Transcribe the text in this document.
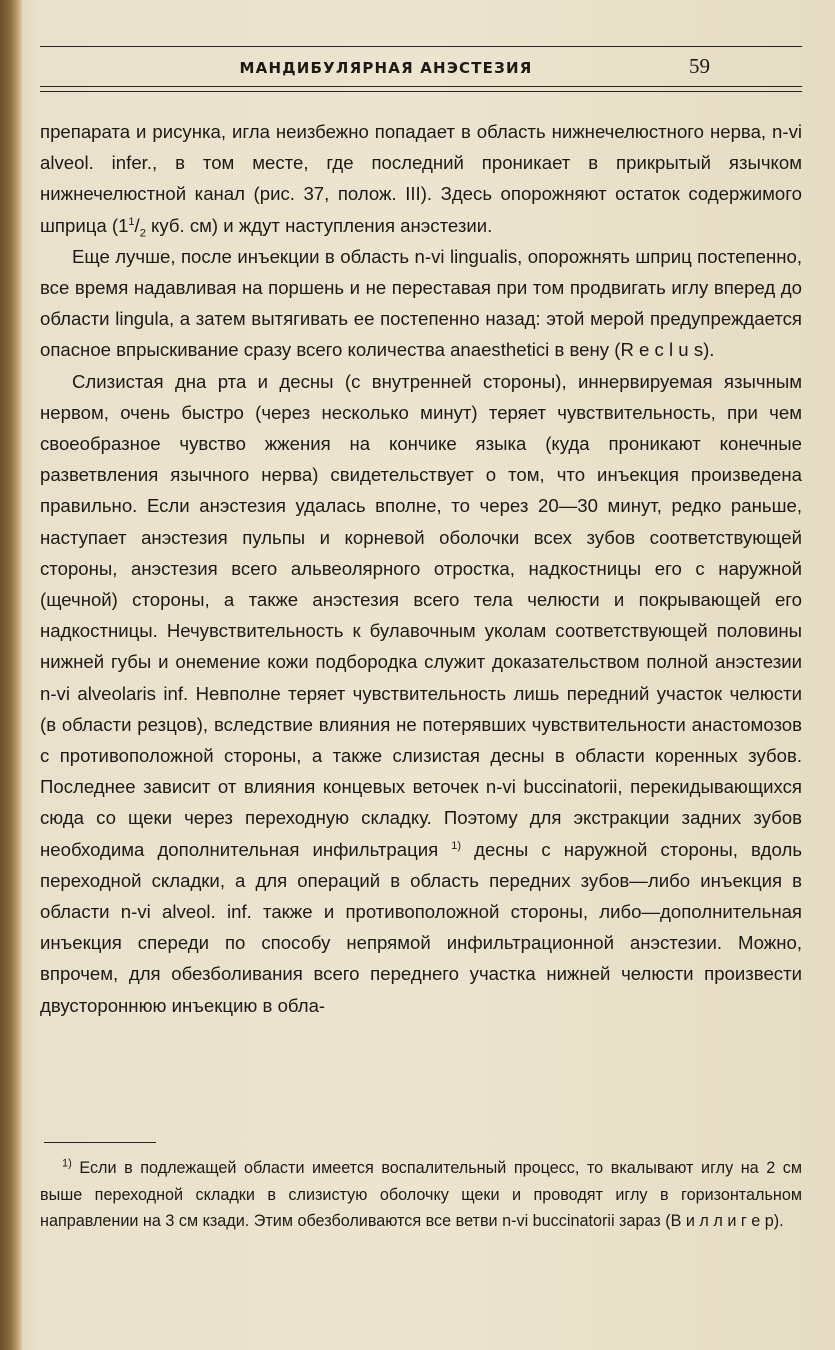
МАНДИБУЛЯРНАЯ АНЭСТЕЗИЯ	59

препарата и рисунка, игла неизбежно попадает в область нижнечелюстного нерва, n-vi alveol. infer., в том месте, где последний проникает в прикрытый язычком нижнечелюстной канал (рис. 37, полож. III). Здесь опорожняют остаток содержимого шприца ($1^1/_2$ куб. см) и ждут наступления анэстезии.

Еще лучше, после инъекции в область n-vi lingualis, опорожнять шприц постепенно, все время надавливая на поршень и не переставая при том продвигать иглу вперед до области lingula, а затем вытягивать ее постепенно назад: этой мерой предупреждается опасное впрыскивание сразу всего количества anaesthetici в вену (R e c l u s).

Слизистая дна рта и десны (с внутренней стороны), иннервируемая язычным нервом, очень быстро (через несколько минут) теряет чувствительность, при чем своеобразное чувство жжения на кончике языка (куда проникают конечные разветвления язычного нерва) свидетельствует о том, что инъекция произведена правильно. Если анэстезия удалась вполне, то через 20—30 минут, редко раньше, наступает анэстезия пульпы и корневой оболочки всех зубов соответствующей стороны, анэстезия всего альвеолярного отростка, надкостницы его с наружной (щечной) стороны, а также анэстезия всего тела челюсти и покрывающей его надкостницы. Нечувствительность к булавочным уколам соответствующей половины нижней губы и онемение кожи подбородка служит доказательством полной анэстезии n-vi alveolaris inf. Невполне теряет чувствительность лишь передний участок челюсти (в области резцов), вследствие влияния не потерявших чувствительности анастомозов с противоположной стороны, а также слизистая десны в области коренных зубов. Последнее зависит от влияния концевых веточек n-vi buccinatorii, перекидывающихся сюда со щеки через переходную складку. Поэтому для экстракции задних зубов необходима дополнительная инфильтрация $^{1)}$ десны с наружной стороны, вдоль переходной складки, а для операций в область передних зубов—либо инъекция в области n-vi alveol. inf. также и противоположной стороны, либо—дополнительная инъекция спереди по способу непрямой инфильтрационной анэстезии. Можно, впрочем, для обезболивания всего переднего участка нижней челюсти произвести двустороннюю инъекцию в обла-

$^{1)}$ Если в подлежащей области имеется воспалительный процесс, то вкалывают иглу на 2 см выше переходной складки в слизистую оболочку щеки и проводят иглу в горизонтальном направлении на 3 см кзади. Этим обезболиваются все ветви n-vi buccinatorii зараз (В и л л и г е р).
